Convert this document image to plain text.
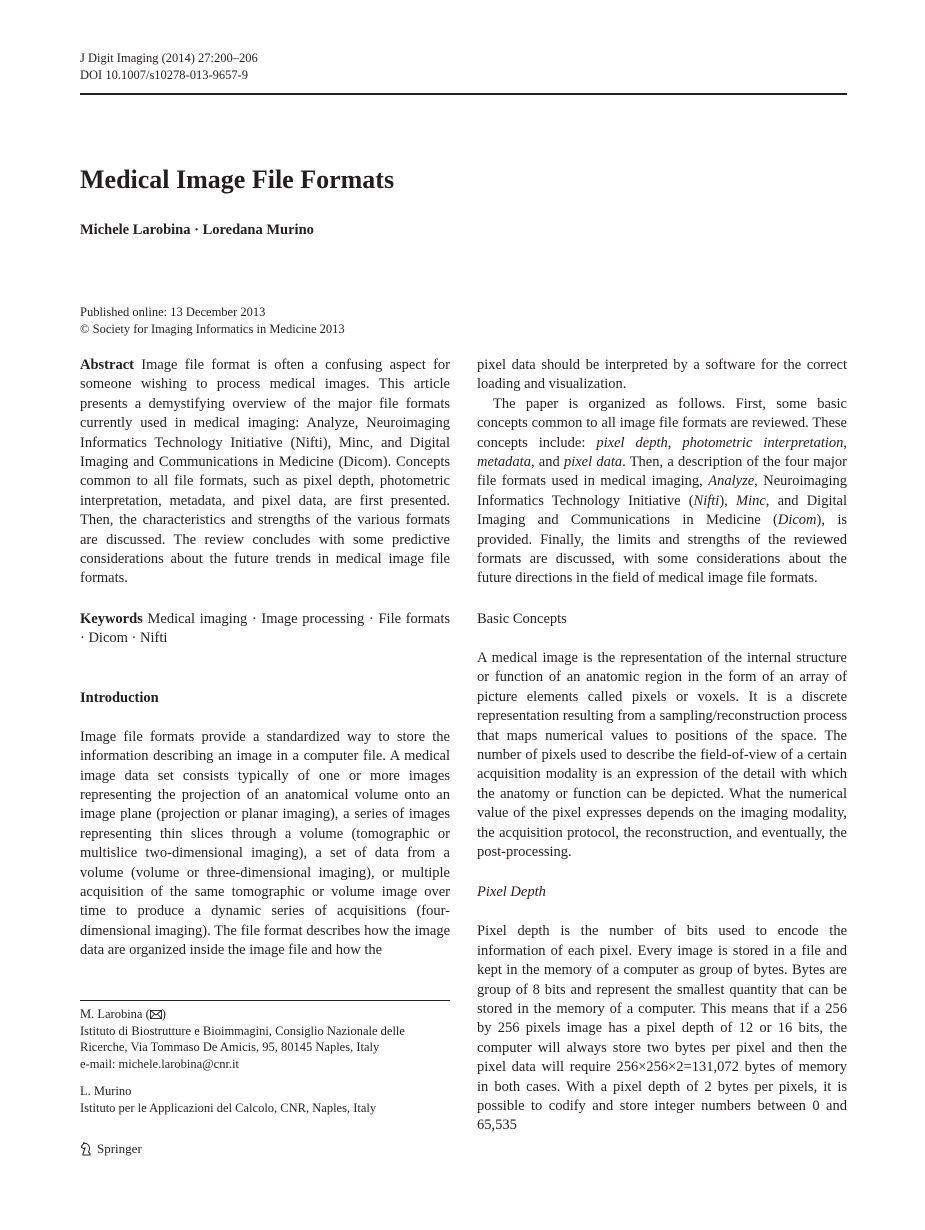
J Digit Imaging (2014) 27:200–206
DOI 10.1007/s10278-013-9657-9
Medical Image File Formats
Michele Larobina · Loredana Murino
Published online: 13 December 2013
© Society for Imaging Informatics in Medicine 2013

Abstract Image file format is often a confusing aspect for someone wishing to process medical images. This article presents a demystifying overview of the major file formats currently used in medical imaging: Analyze, Neuroimaging Informatics Technology Initiative (Nifti), Minc, and Digital Imaging and Communications in Medicine (Dicom). Concepts common to all file formats, such as pixel depth, photometric interpretation, metadata, and pixel data, are first presented. Then, the characteristics and strengths of the various formats are discussed. The review concludes with some predictive considerations about the future trends in medical image file formats.

Keywords Medical imaging · Image processing · File formats · Dicom · Nifti

Introduction

Image file formats provide a standardized way to store the information describing an image in a computer file. A medical image data set consists typically of one or more images representing the projection of an anatomical volume onto an image plane (projection or planar imaging), a series of images representing thin slices through a volume (tomographic or multislice two-dimensional imaging), a set of data from a volume (volume or three-dimensional imaging), or multiple acquisition of the same tomographic or volume image over time to produce a dynamic series of acquisitions (four-dimensional imaging). The file format describes how the image data are organized inside the image file and how the

pixel data should be interpreted by a software for the correct loading and visualization.

The paper is organized as follows. First, some basic concepts common to all image file formats are reviewed. These concepts include: pixel depth, photometric interpretation, metadata, and pixel data. Then, a description of the four major file formats used in medical imaging, Analyze, Neuroimaging Informatics Technology Initiative (Nifti), Minc, and Digital Imaging and Communications in Medicine (Dicom), is provided. Finally, the limits and strengths of the reviewed formats are discussed, with some considerations about the future directions in the field of medical image file formats.

Basic Concepts

A medical image is the representation of the internal structure or function of an anatomic region in the form of an array of picture elements called pixels or voxels. It is a discrete representation resulting from a sampling/reconstruction process that maps numerical values to positions of the space. The number of pixels used to describe the field-of-view of a certain acquisition modality is an expression of the detail with which the anatomy or function can be depicted. What the numerical value of the pixel expresses depends on the imaging modality, the acquisition protocol, the reconstruction, and eventually, the post-processing.

Pixel Depth

Pixel depth is the number of bits used to encode the information of each pixel. Every image is stored in a file and kept in the memory of a computer as group of bytes. Bytes are group of 8 bits and represent the smallest quantity that can be stored in the memory of a computer. This means that if a 256 by 256 pixels image has a pixel depth of 12 or 16 bits, the computer will always store two bytes per pixel and then the pixel data will require 256×256×2=131,072 bytes of memory in both cases. With a pixel depth of 2 bytes per pixels, it is possible to codify and store integer numbers between 0 and 65,535

M. Larobina ( )
Istituto di Biostrutture e Bioimmagini, Consiglio Nazionale delle Ricerche, Via Tommaso De Amicis, 95, 80145 Naples, Italy
e-mail: michele.larobina@cnr.it
L. Murino
Istituto per le Applicazioni del Calcolo, CNR, Naples, Italy
Springer
